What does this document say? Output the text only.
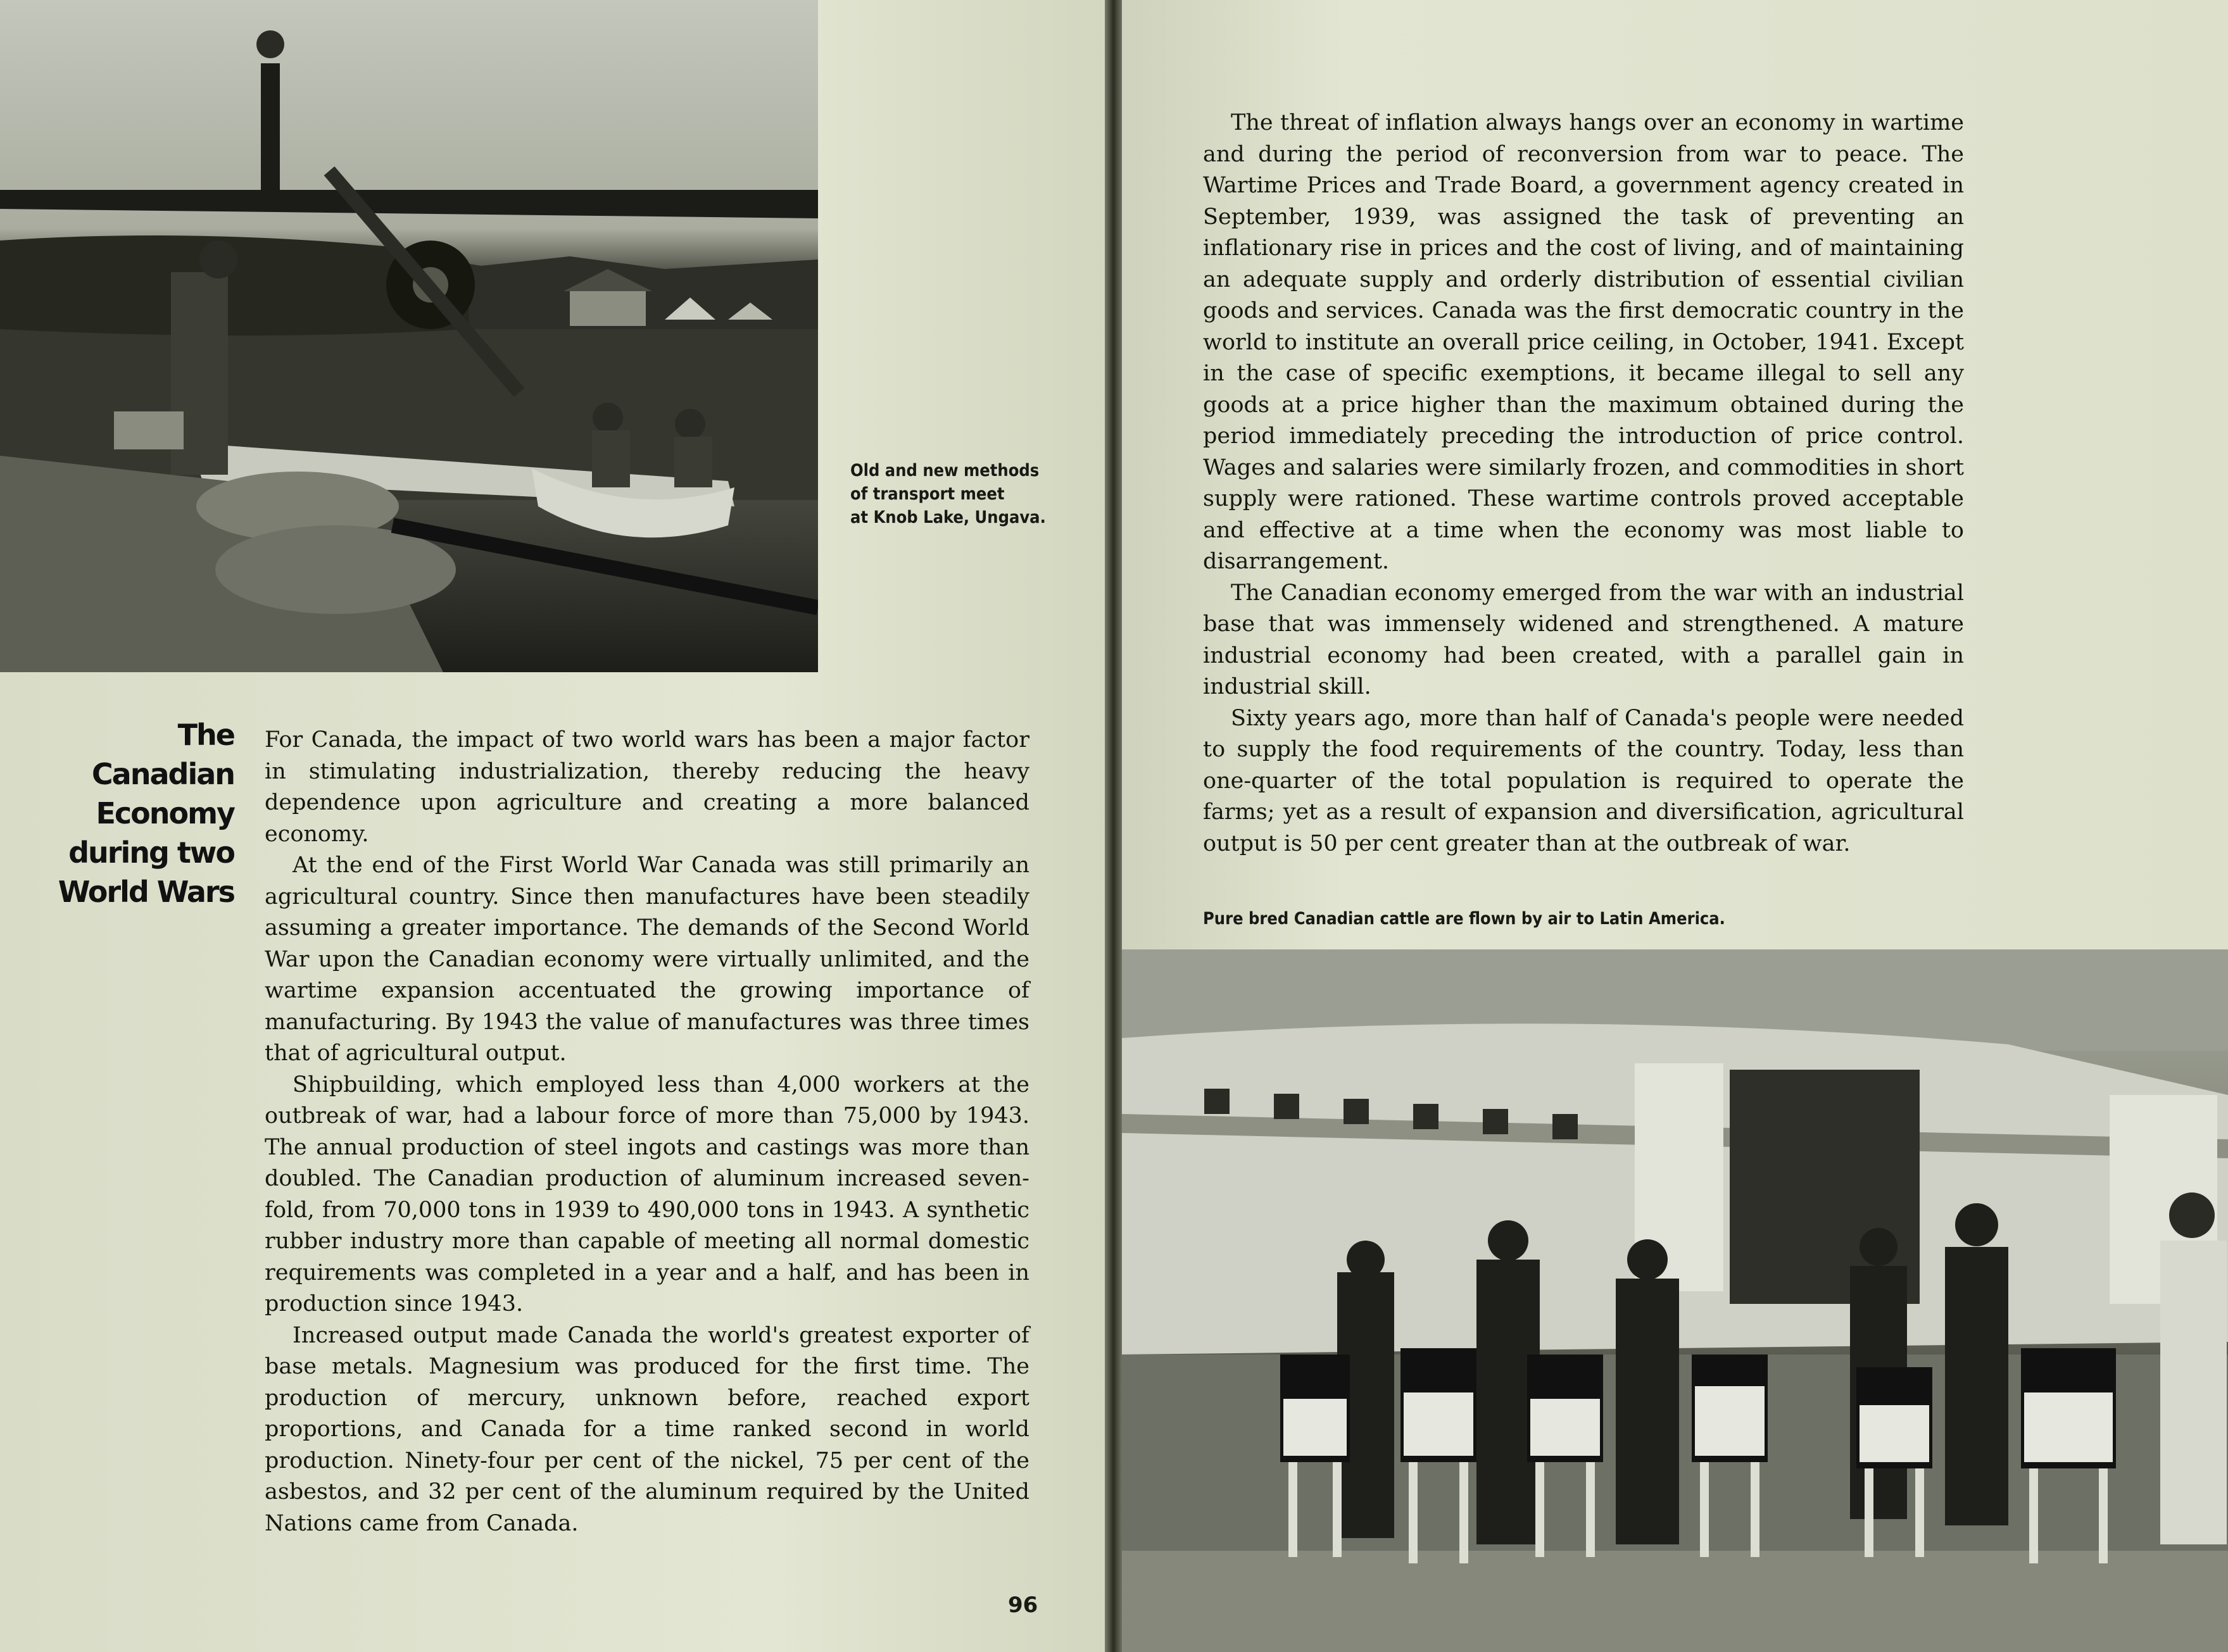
Old and new methods
of transport meet
at Knob Lake, Ungava.
The Canadian
Economy
during two
World Wars

For Canada, the impact of two world wars has been a major factor in stimulating industrialization, thereby reducing the heavy dependence upon agriculture and creating a more balanced economy.

At the end of the First World War Canada was still primarily an agricultural country. Since then manufactures have been steadily assuming a greater importance. The demands of the Second World War upon the Canadian economy were virtually unlimited, and the wartime expansion accentuated the growing importance of manufacturing. By 1943 the value of manufactures was three times that of agricultural output.

Shipbuilding, which employed less than 4,000 workers at the outbreak of war, had a labour force of more than 75,000 by 1943. The annual production of steel ingots and castings was more than doubled. The Canadian production of aluminum increased seven-fold, from 70,000 tons in 1939 to 490,000 tons in 1943. A synthetic rubber industry more than capable of meeting all normal domestic requirements was completed in a year and a half, and has been in production since 1943.

Increased output made Canada the world's greatest exporter of base metals. Magnesium was produced for the first time. The production of mercury, unknown before, reached export proportions, and Canada for a time ranked second in world production. Ninety-four per cent of the nickel, 75 per cent of the asbestos, and 32 per cent of the aluminum required by the United Nations came from Canada.

96

The threat of inflation always hangs over an economy in wartime and during the period of reconversion from war to peace. The Wartime Prices and Trade Board, a government agency created in September, 1939, was assigned the task of preventing an inflationary rise in prices and the cost of living, and of maintaining an adequate supply and orderly distribution of essential civilian goods and services. Canada was the first democratic country in the world to institute an overall price ceiling, in October, 1941. Except in the case of specific exemptions, it became illegal to sell any goods at a price higher than the maximum obtained during the period immediately preceding the introduction of price control. Wages and salaries were similarly frozen, and commodities in short supply were rationed. These wartime controls proved acceptable and effective at a time when the economy was most liable to disarrangement.

The Canadian economy emerged from the war with an industrial base that was immensely widened and strengthened. A mature industrial economy had been created, with a parallel gain in industrial skill.

Sixty years ago, more than half of Canada's people were needed to supply the food requirements of the country. Today, less than one-quarter of the total population is required to operate the farms; yet as a result of expansion and diversification, agricultural output is 50 per cent greater than at the outbreak of war.

Pure bred Canadian cattle are flown by air to Latin America.
